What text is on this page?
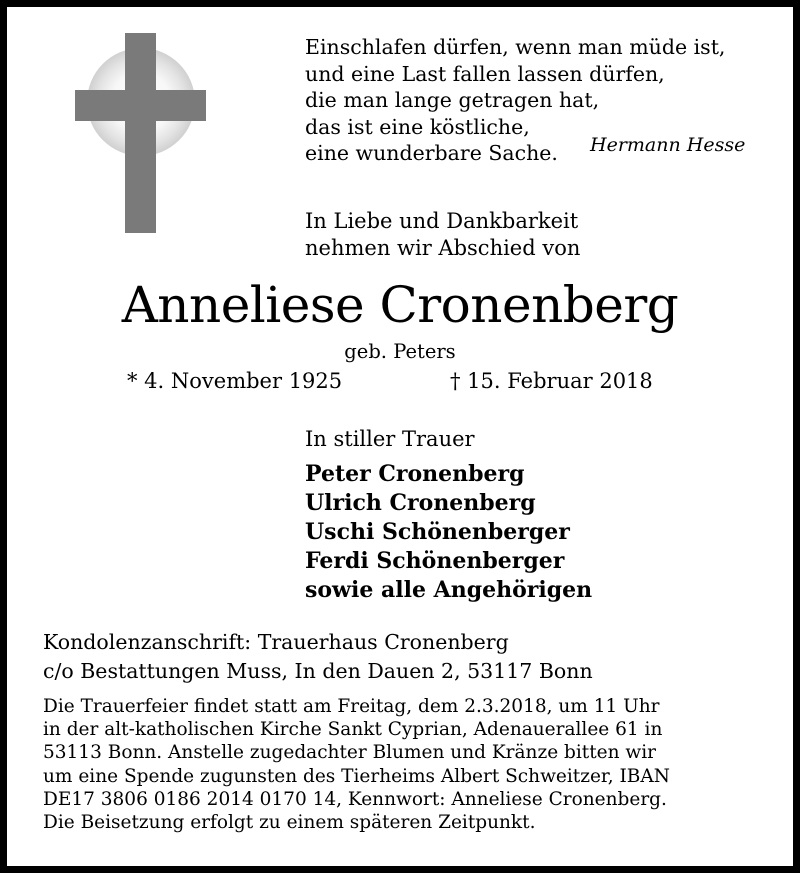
Einschlafen dürfen, wenn man müde ist,
und eine Last fallen lassen dürfen,
die man lange getragen hat,
das ist eine köstliche,
eine wunderbare Sache.	Hermann Hesse
In Liebe und Dankbarkeit
nehmen wir Abschied von
Anneliese Cronenberg
geb. Peters
* 4. November 1925	† 15. Februar 2018
In stiller Trauer
Peter Cronenberg
Ulrich Cronenberg
Uschi Schönenberger
Ferdi Schönenberger
sowie alle Angehörigen
Kondolenzanschrift: Trauerhaus Cronenberg
c/o Bestattungen Muss, In den Dauen 2, 53117 Bonn
Die Trauerfeier findet statt am Freitag, dem 2.3.2018, um 11 Uhr
in der alt-katholischen Kirche Sankt Cyprian, Adenauerallee 61 in
53113 Bonn. Anstelle zugedachter Blumen und Kränze bitten wir
um eine Spende zugunsten des Tierheims Albert Schweitzer, IBAN
DE17 3806 0186 2014 0170 14, Kennwort: Anneliese Cronenberg.
Die Beisetzung erfolgt zu einem späteren Zeitpunkt.
